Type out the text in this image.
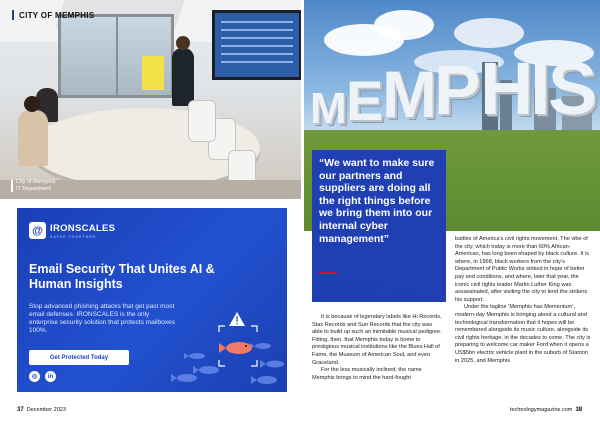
CITY OF MEMPHIS
City of Memphis
IT Department
@ IRONSCALES
SAFER TOGETHER
Email Security That Unites AI & Human Insights
Stop advanced phishing attacks that get past most email defenses. IRONSCALES is the only enterprise security solution that protects mailboxes 100%.
Get Protected Today
◎	in
37 December 2023
M E
M
P H
I
S
“We want to make sure our partners and suppliers are doing all the right things before we bring them into our internal cyber management”
AUGUSTINE BOATENG
INTERIM CHIEF INFORMATION OFFICER,
CITY OF MEMPHIS

It is because of legendary labels like Hi Records, Stax Records and Sun Records that the city was able to build up such an inimitable musical pedigree. Fitting, then, that Memphis today is home to prestigious musical institutions like the Blues Hall of Fame, the Museum of American Soul, and even Graceland.

For the less musically inclined, the name Memphis brings to mind the hard-fought

battles of America’s civil rights movement. The vibe of the city, which today is more than 60% African-American, has long been shaped by black culture. It is where, in 1968, black workers from the city’s Department of Public Works striked in hope of better pay and conditions, and where, later that year, the iconic civil rights leader Martin Luther King was assassinated, after visiting the city to lend the strikers his support.

Under the tagline ‘Memphis has Momentum’, modern-day Memphis is bringing about a cultural and technological transformation that it hopes will be remembered alongside its music culture, alongside its civil rights heritage, in the decades to come. The city is preparing to welcome car maker Ford when it opens a US$5bn electric vehicle plant in the suburb of Stanton in 2025, and Memphis

technologymagazine.com 38
